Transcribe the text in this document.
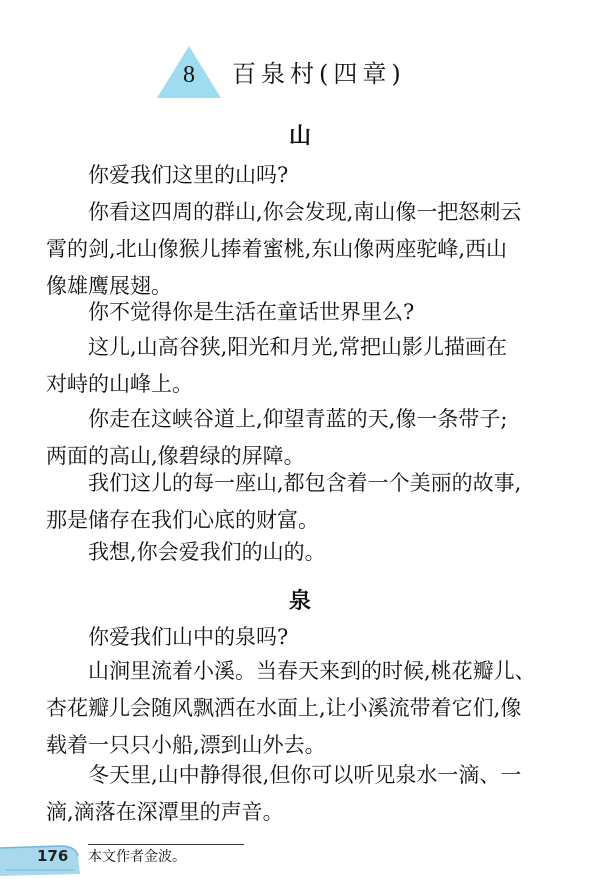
8 百泉村(四章)
山
你爱我们这里的山吗?
你看这四周的群山,你会发现,南山像一把怒刺云
霄的剑,北山像猴儿捧着蜜桃,东山像两座驼峰,西山
像雄鹰展翅。
你不觉得你是生活在童话世界里么?
这儿,山高谷狭,阳光和月光,常把山影儿描画在
对峙的山峰上。
你走在这峡谷道上,仰望青蓝的天,像一条带子;
两面的高山,像碧绿的屏障。
我们这儿的每一座山,都包含着一个美丽的故事,
那是储存在我们心底的财富。
我想,你会爱我们的山的。
泉
你爱我们山中的泉吗?
山涧里流着小溪。当春天来到的时候,桃花瓣儿、
杏花瓣儿会随风飘洒在水面上,让小溪流带着它们,像
载着一只只小船,漂到山外去。
冬天里,山中静得很,但你可以听见泉水一滴、一
滴,滴落在深潭里的声音。
本文作者金波。
176
